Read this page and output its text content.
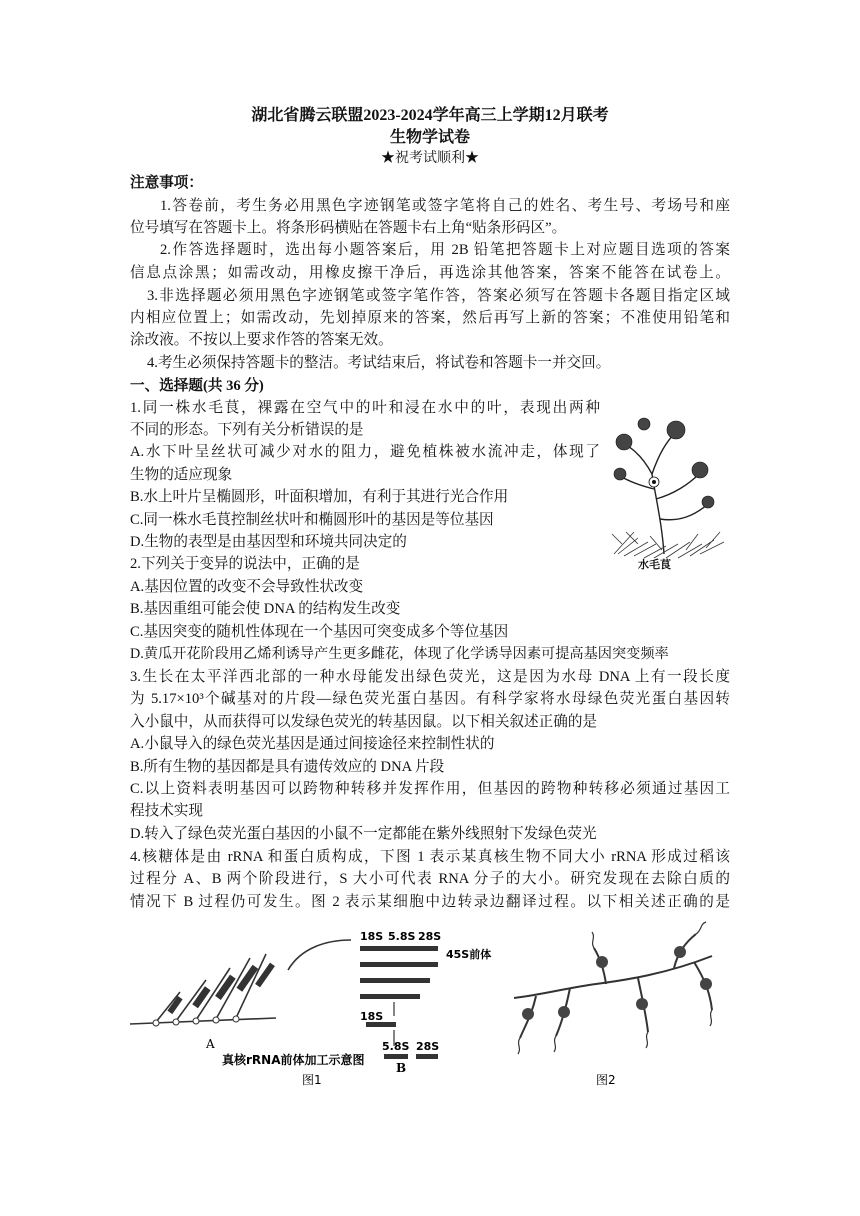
湖北省腾云联盟2023-2024学年高三上学期12月联考
生物学试卷
★祝考试顺利★
注意事项：
1.答卷前，考生务必用黑色字迹钢笔或签字笔将自己的姓名、考生号、考场号和座
位号填写在答题卡上。将条形码横贴在答题卡右上角“贴条形码区”。
2.作答选择题时，选出每小题答案后，用 2B 铅笔把答题卡上对应题目选项的答案
信息点涂黑；如需改动，用橡皮擦干净后，再选涂其他答案，答案不能答在试卷上。
3.非选择题必须用黑色字迹钢笔或签字笔作答，答案必须写在答题卡各题目指定区域
内相应位置上；如需改动，先划掉原来的答案，然后再写上新的答案；不准使用铅笔和
涂改液。不按以上要求作答的答案无效。
4.考生必须保持答题卡的整洁。考试结束后，将试卷和答题卡一并交回。
一、选择题(共 36 分)
1.同一株水毛茛，裸露在空气中的叶和浸在水中的叶，表现出两种
不同的形态。下列有关分析错误的是
A.水下叶呈丝状可减少对水的阻力，避免植株被水流冲走，体现了
生物的适应现象
B.水上叶片呈椭圆形，叶面积增加，有利于其进行光合作用
C.同一株水毛茛控制丝状叶和椭圆形叶的基因是等位基因
D.生物的表型是由基因型和环境共同决定的
水毛茛
2.下列关于变异的说法中，正确的是
A.基因位置的改变不会导致性状改变
B.基因重组可能会使 DNA 的结构发生改变
C.基因突变的随机性体现在一个基因可突变成多个等位基因
D.黄瓜开花阶段用乙烯利诱导产生更多雌花，体现了化学诱导因素可提高基因突变频率
3.生长在太平洋西北部的一种水母能发出绿色荧光，这是因为水母 DNA 上有一段长度
为 5.17×10³个碱基对的片段—绿色荧光蛋白基因。有科学家将水母绿色荧光蛋白基因转
入小鼠中，从而获得可以发绿色荧光的转基因鼠。以下相关叙述正确的是
A.小鼠导入的绿色荧光基因是通过间接途径来控制性状的
B.所有生物的基因都是具有遗传效应的 DNA 片段
C.以上资料表明基因可以跨物种转移并发挥作用，但基因的跨物种转移必须通过基因工
程技术实现
D.转入了绿色荧光蛋白基因的小鼠不一定都能在紫外线照射下发绿色荧光
4.核糖体是由 rRNA 和蛋白质构成，下图 1 表示某真核生物不同大小 rRNA 形成过稻该
过程分 A、B 两个阶段进行，S 大小可代表 RNA 分子的大小。研究发现在去除白质的
情况下 B 过程仍可发生。图 2 表示某细胞中边转录边翻译过程。以下相关述正确的是
A
18S 5.8S 28S
45S前体
18S
5.8S 28S
B
真核rRNA前体加工示意图
图1	图2
